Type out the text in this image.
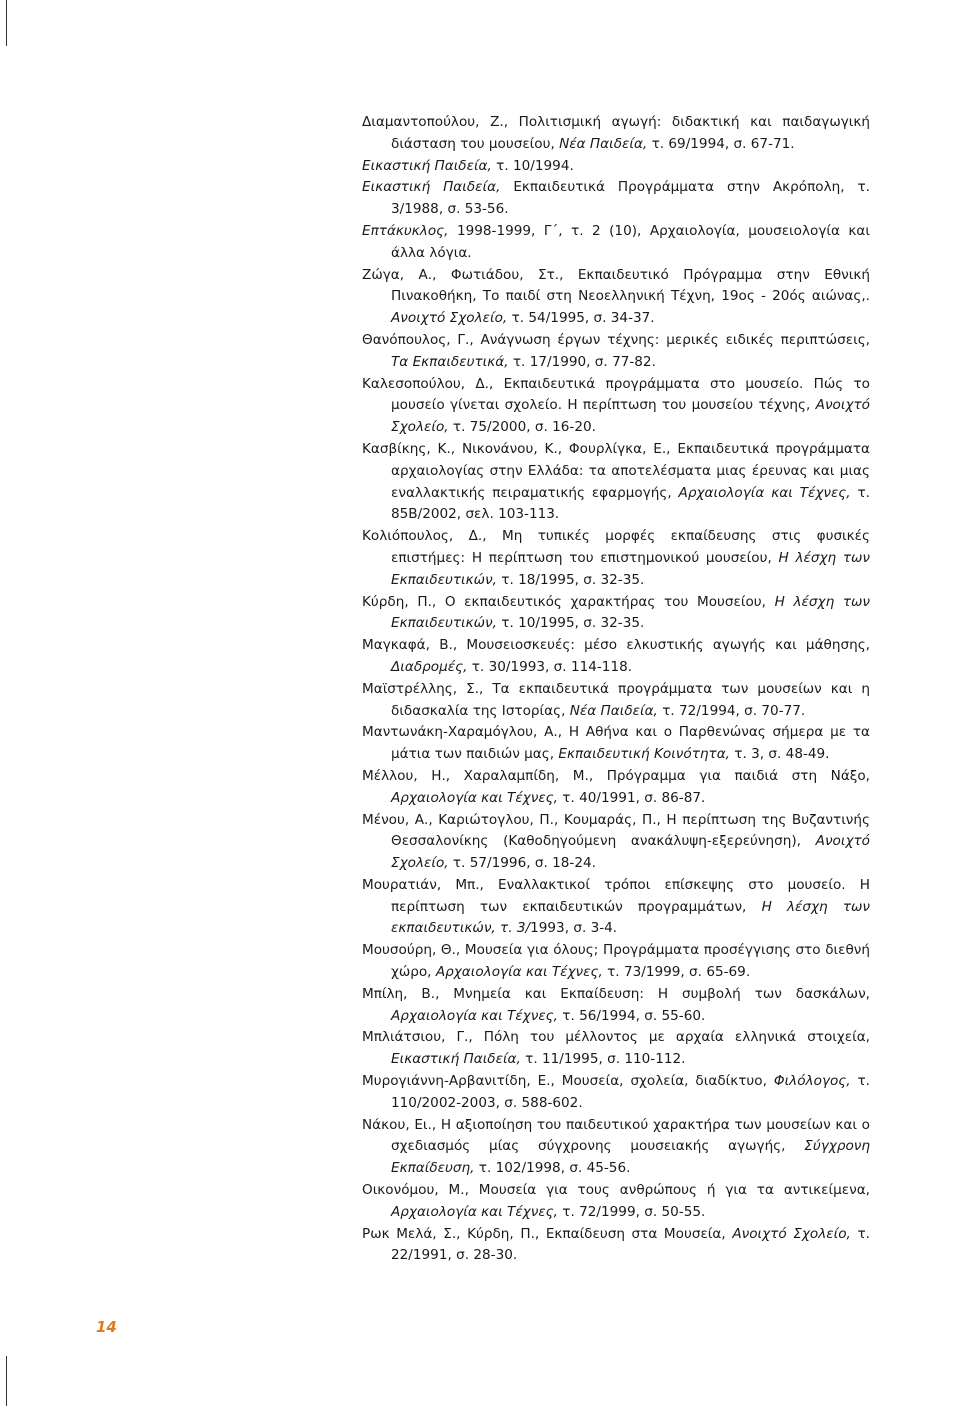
Διαμαντοπούλου, Ζ., Πολιτισμική αγωγή: διδακτική και παιδαγωγική διάσταση του μουσείου, Νέα Παιδεία, τ. 69/1994, σ. 67-71.
Εικαστική Παιδεία, τ. 10/1994.
Εικαστική Παιδεία, Εκπαιδευτικά Προγράμματα στην Ακρόπολη, τ. 3/1988, σ. 53-56.
Επτάκυκλος, 1998-1999, Γ΄, τ. 2 (10), Αρχαιολογία, μουσειολογία και άλλα λόγια.
Ζώγα, Α., Φωτιάδου, Στ., Εκπαιδευτικό Πρόγραμμα στην Εθνική Πινακοθήκη, Το παιδί στη Νεοελληνική Τέχνη, 19ος - 20ός αιώνας,. Ανοιχτό Σχολείο, τ. 54/1995, σ. 34-37.
Θανόπουλος, Γ., Ανάγνωση έργων τέχνης: μερικές ειδικές περιπτώσεις, Τα Εκπαιδευτικά, τ. 17/1990, σ. 77-82.
Καλεσοπούλου, Δ., Εκπαιδευτικά προγράμματα στο μουσείο. Πώς το μουσείο γίνεται σχολείο. Η περίπτωση του μουσείου τέχνης, Ανοιχτό Σχολείο, τ. 75/2000, σ. 16-20.
Κασβίκης, Κ., Νικονάνου, Κ., Φουρλίγκα, Ε., Εκπαιδευτικά προγράμματα αρχαιολογίας στην Ελλάδα: τα αποτελέσματα μιας έρευνας και μιας εναλλακτικής πειραματικής εφαρμογής, Αρχαιολογία και Τέχνες, τ. 85Β/2002, σελ. 103-113.
Κολιόπουλος, Δ., Μη τυπικές μορφές εκπαίδευσης στις φυσικές επιστήμες: Η περίπτωση του επιστημονικού μουσείου, Η λέσχη των Εκπαιδευτικών, τ. 18/1995, σ. 32-35.
Κύρδη, Π., Ο εκπαιδευτικός χαρακτήρας του Μουσείου, Η λέσχη των Εκπαιδευτικών, τ. 10/1995, σ. 32-35.
Μαγκαφά, Β., Μουσειοσκευές: μέσο ελκυστικής αγωγής και μάθησης, Διαδρομές, τ. 30/1993, σ. 114-118.
Μαϊστρέλλης, Σ., Τα εκπαιδευτικά προγράμματα των μουσείων και η διδασκαλία της Ιστορίας, Νέα Παιδεία, τ. 72/1994, σ. 70-77.
Μαντωνάκη-Χαραμόγλου, Α., Η Αθήνα και ο Παρθενώνας σήμερα με τα μάτια των παιδιών μας, Εκπαιδευτική Κοινότητα, τ. 3, σ. 48-49.
Μέλλου, Η., Χαραλαμπίδη, Μ., Πρόγραμμα για παιδιά στη Νάξο, Αρχαιολογία και Τέχνες, τ. 40/1991, σ. 86-87.
Μένου, Α., Καριώτογλου, Π., Κουμαράς, Π., Η περίπτωση της Βυζαντινής Θεσσαλονίκης (Καθοδηγούμενη ανακάλυψη-εξερεύνηση), Ανοιχτό Σχολείο, τ. 57/1996, σ. 18-24.
Μουρατιάν, Μπ., Εναλλακτικοί τρόποι επίσκεψης στο μουσείο. Η περίπτωση των εκπαιδευτικών προγραμμάτων, Η λέσχη των εκπαιδευτικών, τ. 3/1993, σ. 3-4.
Μουσούρη, Θ., Μουσεία για όλους; Προγράμματα προσέγγισης στο διεθνή χώρο, Αρχαιολογία και Τέχνες, τ. 73/1999, σ. 65-69.
Μπίλη, Β., Μνημεία και Εκπαίδευση: Η συμβολή των δασκάλων, Αρχαιολογία και Τέχνες, τ. 56/1994, σ. 55-60.
Μπλιάτσιου, Γ., Πόλη του μέλλοντος με αρχαία ελληνικά στοιχεία, Εικαστική Παιδεία, τ. 11/1995, σ. 110-112.
Μυρογιάννη-Αρβανιτίδη, Ε., Μουσεία, σχολεία, διαδίκτυο, Φιλόλογος, τ. 110/2002-2003, σ. 588-602.
Νάκου, Ει., Η αξιοποίηση του παιδευτικού χαρακτήρα των μουσείων και ο σχεδιασμός μίας σύγχρονης μουσειακής αγωγής, Σύγχρονη Εκπαίδευση, τ. 102/1998, σ. 45-56.
Οικονόμου, Μ., Μουσεία για τους ανθρώπους ή για τα αντικείμενα, Αρχαιολογία και Τέχνες, τ. 72/1999, σ. 50-55.
Ρωκ Μελά, Σ., Κύρδη, Π., Εκπαίδευση στα Μουσεία, Ανοιχτό Σχολείο, τ. 22/1991, σ. 28-30.
14
